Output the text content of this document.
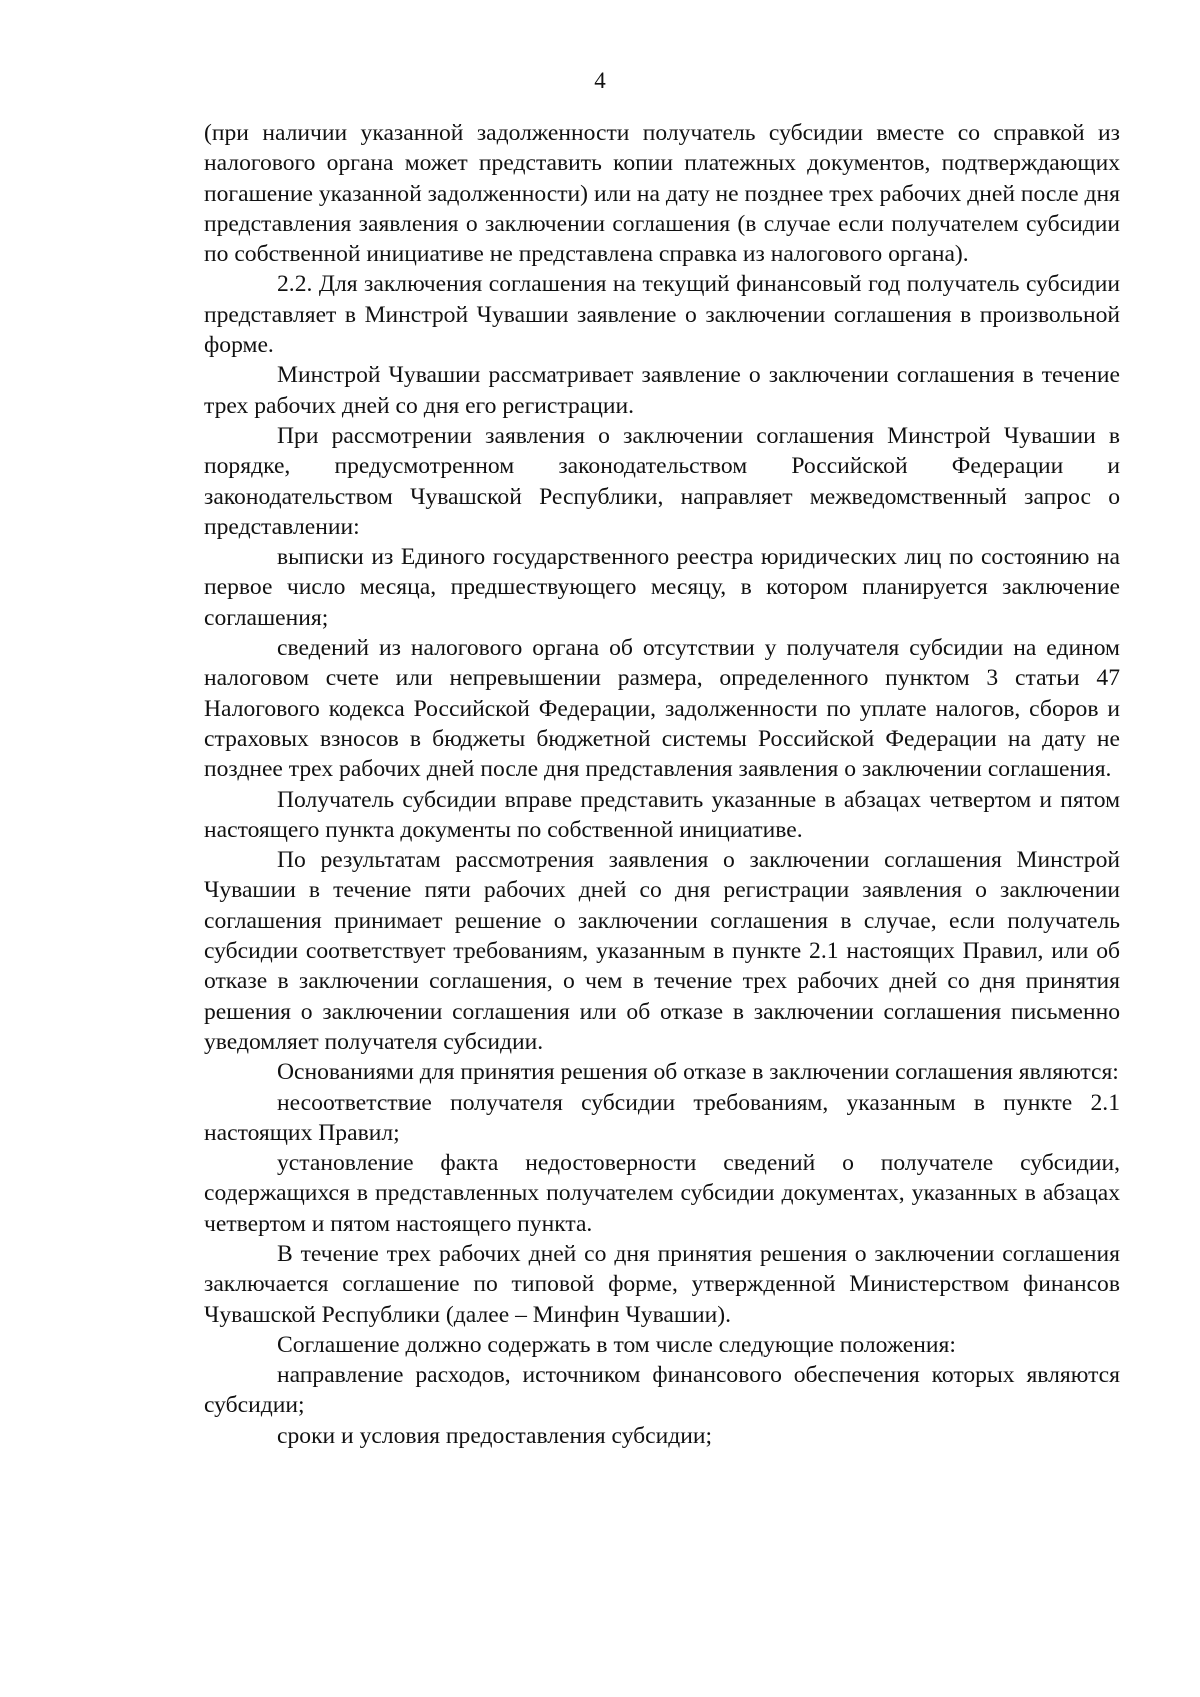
4

(при наличии указанной задолженности получатель субсидии вместе со справкой из налогового органа может представить копии платежных документов, подтверждающих погашение указанной задолженности) или на дату не позднее трех рабочих дней после дня представления заявления о заключении соглашения (в случае если получателем субсидии по собственной инициативе не представлена справка из налогового органа).

2.2. Для заключения соглашения на текущий финансовый год получатель субсидии представляет в Минстрой Чувашии заявление о заключении соглашения в произвольной форме.

Минстрой Чувашии рассматривает заявление о заключении соглашения в течение трех рабочих дней со дня его регистрации.

При рассмотрении заявления о заключении соглашения Минстрой Чувашии в порядке, предусмотренном законодательством Российской Федерации и законодательством Чувашской Республики, направляет межведомственный запрос о представлении:

выписки из Единого государственного реестра юридических лиц по состоянию на первое число месяца, предшествующего месяцу, в котором планируется заключение соглашения;

сведений из налогового органа об отсутствии у получателя субсидии на едином налоговом счете или непревышении размера, определенного пунктом 3 статьи 47 Налогового кодекса Российской Федерации, задолженности по уплате налогов, сборов и страховых взносов в бюджеты бюджетной системы Российской Федерации на дату не позднее трех рабочих дней после дня представления заявления о заключении соглашения.

Получатель субсидии вправе представить указанные в абзацах четвертом и пятом настоящего пункта документы по собственной инициативе.

По результатам рассмотрения заявления о заключении соглашения Минстрой Чувашии в течение пяти рабочих дней со дня регистрации заявления о заключении соглашения принимает решение о заключении соглашения в случае, если получатель субсидии соответствует требованиям, указанным в пункте 2.1 настоящих Правил, или об отказе в заключении соглашения, о чем в течение трех рабочих дней со дня принятия решения о заключении соглашения или об отказе в заключении соглашения письменно уведомляет получателя субсидии.

Основаниями для принятия решения об отказе в заключении соглашения являются:

несоответствие получателя субсидии требованиям, указанным в пункте 2.1 настоящих Правил;

установление факта недостоверности сведений о получателе субсидии, содержащихся в представленных получателем субсидии документах, указанных в абзацах четвертом и пятом настоящего пункта.

В течение трех рабочих дней со дня принятия решения о заключении соглашения заключается соглашение по типовой форме, утвержденной Министерством финансов Чувашской Республики (далее – Минфин Чувашии).

Соглашение должно содержать в том числе следующие положения:

направление расходов, источником финансового обеспечения которых являются субсидии;

сроки и условия предоставления субсидии;
